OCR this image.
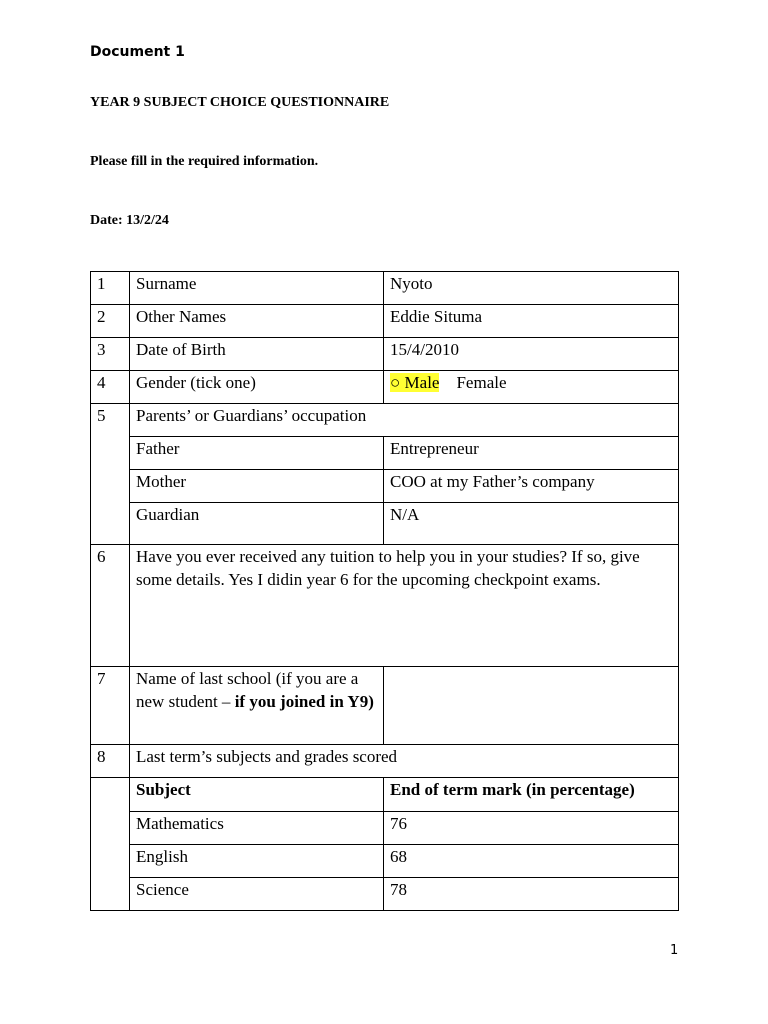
Document 1
YEAR 9 SUBJECT CHOICE QUESTIONNAIRE
Please fill in the required information.
Date: 13/2/24
1	Surname	Nyoto
2	Other Names	Eddie Situma
3	Date of Birth	15/4/2010
4	Gender (tick one)	○ Male Female
5	Parents’ or Guardians’ occupation	
	Father	Entrepreneur
	Mother	COO at my Father’s company
	Guardian	N/A
6	Have you ever received any tuition to help you in your studies? If so, give some details. Yes I didin year 6 for the upcoming checkpoint exams.	
7	Name of last school (if you are a new student – if you joined in Y9)	
8	Last term’s subjects and grades scored	
	Subject	End of term mark (in percentage)
	Mathematics	76
	English	68
	Science	78
1
